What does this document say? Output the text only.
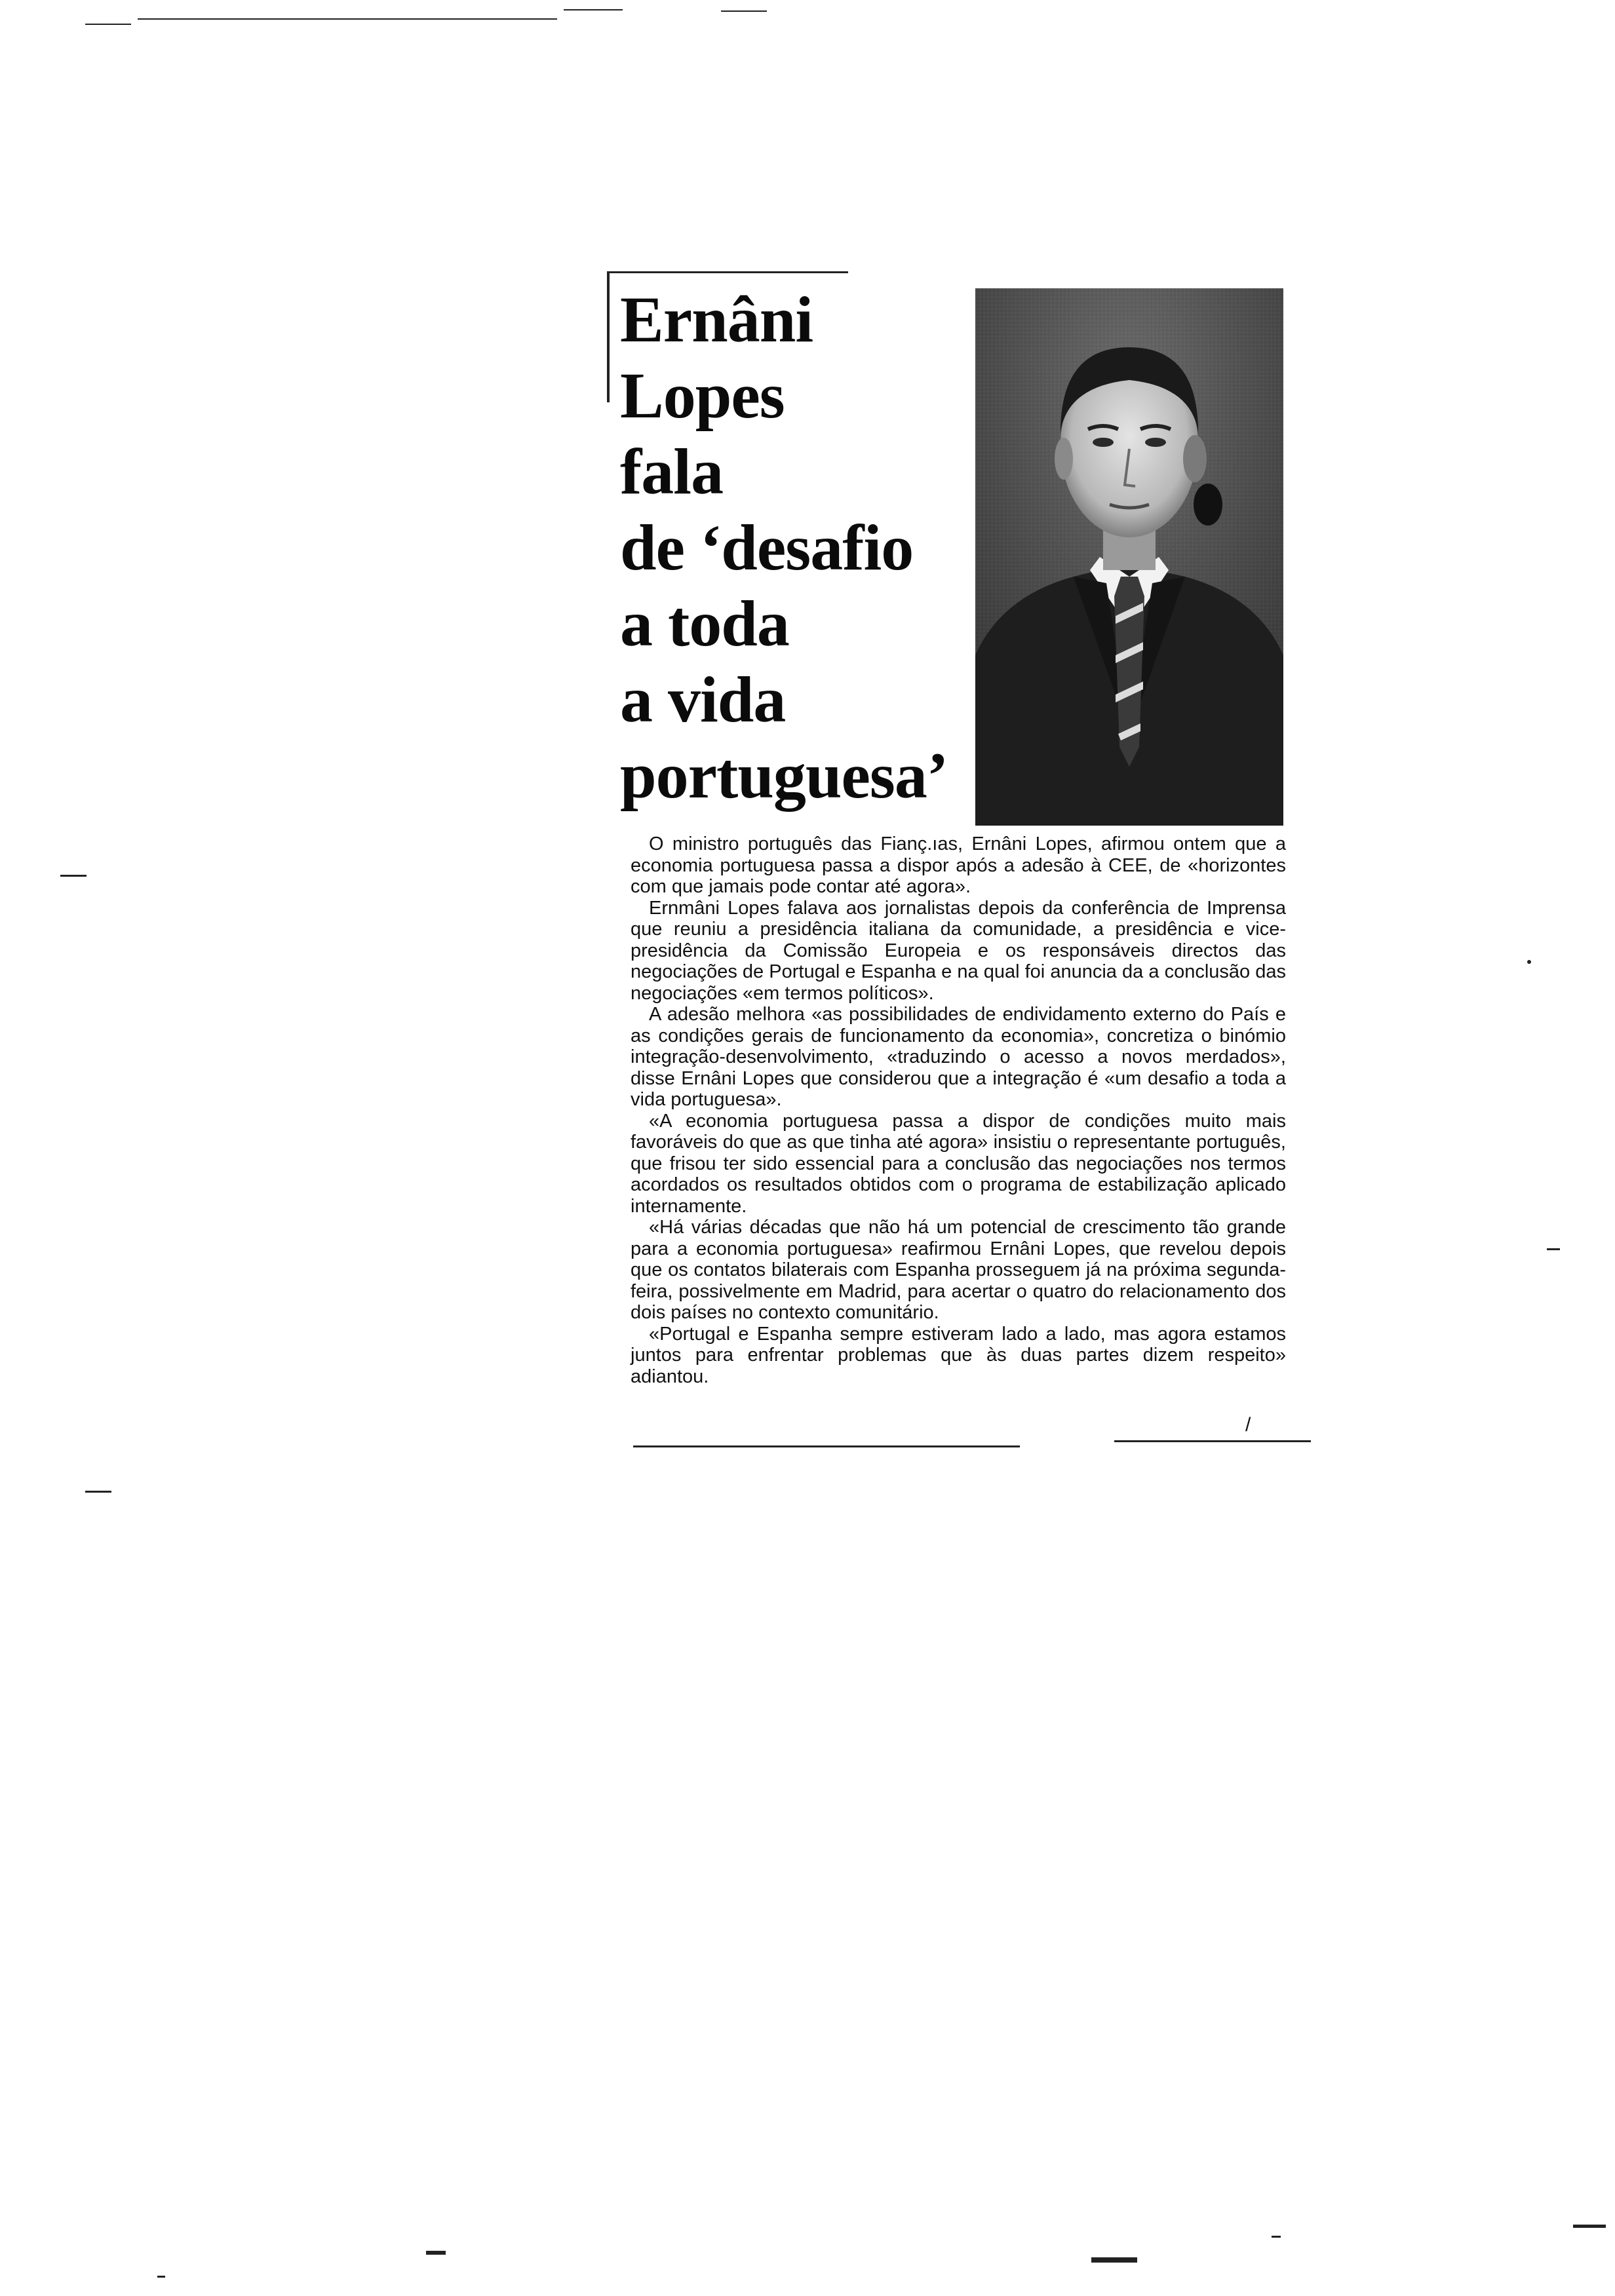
Ernâni
Lopes
fala
de ‘desafio
a toda
a vida
portuguesa’

O ministro português das Fianç.ıas, Ernâni Lopes, afirmou ontem que a economia portuguesa passa a dispor após a adesão à CEE, de «horizontes com que jamais pode contar até agora».

Ernmâni Lopes falava aos jornalistas depois da conferência de Imprensa que reuniu a presidência italiana da comunidade, a presidência e vice-presidência da Comissão Europeia e os responsáveis directos das negociações de Portugal e Espanha e na qual foi anuncia da a conclusão das negociações «em termos políticos».

A adesão melhora «as possibilidades de endividamento externo do País e as condições gerais de funcionamento da economia», concretiza o binómio integração-desenvolvimento, «traduzindo o acesso a novos merdados», disse Ernâni Lopes que considerou que a integração é «um desafio a toda a vida portuguesa».

«A economia portuguesa passa a dispor de condições muito mais favoráveis do que as que tinha até agora» insistiu o representante português, que frisou ter sido essencial para a conclusão das negociações nos termos acordados os resultados obtidos com o programa de estabilização aplicado internamente.

«Há várias décadas que não há um potencial de crescimento tão grande para a economia portuguesa» reafirmou Ernâni Lopes, que revelou depois que os contatos bilaterais com Espanha prosseguem já na próxima segunda-feira, possivelmente em Madrid, para acertar o quatro do relacionamento dos dois países no contexto comunitário.

«Portugal e Espanha sempre estiveram lado a lado, mas agora estamos juntos para enfrentar problemas que às duas partes dizem respeito» adiantou.

/
